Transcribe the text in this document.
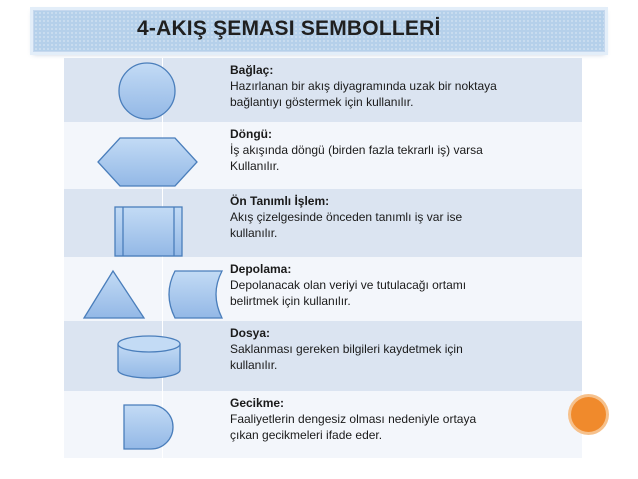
4-AKIŞ ŞEMASI SEMBOLLERİ
Bağlaç:
Hazırlanan bir akış diyagramında uzak bir noktaya
bağlantıyı göstermek için kullanılır.
Döngü:
İş akışında döngü (birden fazla tekrarlı iş) varsa
Kullanılır.
Ön Tanımlı İşlem:
Akış çizelgesinde önceden tanımlı iş var ise
kullanılır.
Depolama:
Depolanacak olan veriyi ve tutulacağı ortamı
belirtmek için kullanılır.
Dosya:
Saklanması gereken bilgileri kaydetmek için
kullanılır.
Gecikme:
Faaliyetlerin dengesiz olması nedeniyle ortaya
çıkan gecikmeleri ifade eder.
